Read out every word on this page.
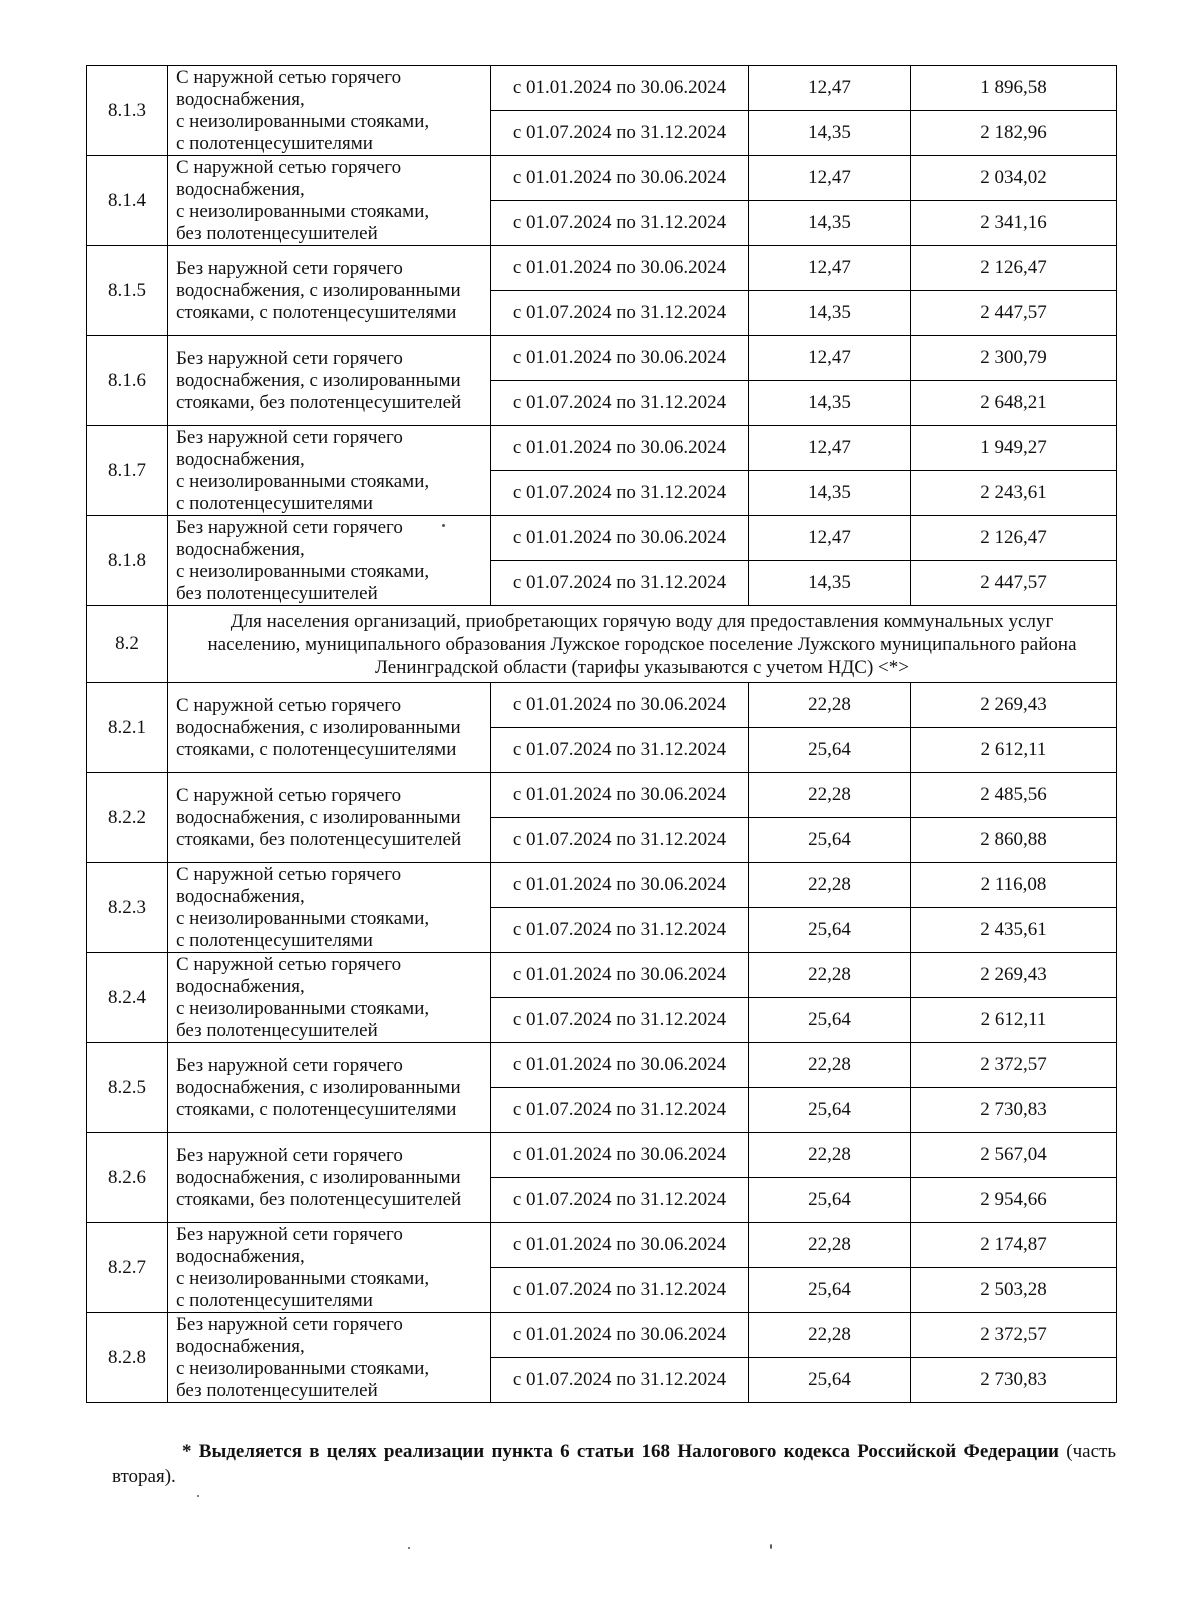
8.1.3	С наружной сетью горячего
водоснабжения,
с неизолированными стояками,
с полотенцесушителями	с 01.01.2024 по 30.06.2024	12,47	1 896,58
		с 01.07.2024 по 31.12.2024	14,35	2 182,96
8.1.4	С наружной сетью горячего
водоснабжения,
с неизолированными стояками,
без полотенцесушителей	с 01.01.2024 по 30.06.2024	12,47	2 034,02
		с 01.07.2024 по 31.12.2024	14,35	2 341,16
8.1.5	Без наружной сети горячего
водоснабжения, с изолированными
стояками, с полотенцесушителями	с 01.01.2024 по 30.06.2024	12,47	2 126,47
		с 01.07.2024 по 31.12.2024	14,35	2 447,57
8.1.6	Без наружной сети горячего
водоснабжения, с изолированными
стояками, без полотенцесушителей	с 01.01.2024 по 30.06.2024	12,47	2 300,79
		с 01.07.2024 по 31.12.2024	14,35	2 648,21
8.1.7	Без наружной сети горячего
водоснабжения,
с неизолированными стояками,
с полотенцесушителями	с 01.01.2024 по 30.06.2024	12,47	1 949,27
		с 01.07.2024 по 31.12.2024	14,35	2 243,61
8.1.8	Без наружной сети горячего
водоснабжения,
с неизолированными стояками,
без полотенцесушителей	с 01.01.2024 по 30.06.2024	12,47	2 126,47
		с 01.07.2024 по 31.12.2024	14,35	2 447,57
8.2	Для населения организаций, приобретающих горячую воду для предоставления коммунальных услуг населению, муниципального образования Лужское городское поселение Лужского муниципального района Ленинградской области (тарифы указываются с учетом НДС) <*>			
8.2.1	С наружной сетью горячего
водоснабжения, с изолированными
стояками, с полотенцесушителями	с 01.01.2024 по 30.06.2024	22,28	2 269,43
		с 01.07.2024 по 31.12.2024	25,64	2 612,11
8.2.2	С наружной сетью горячего
водоснабжения, с изолированными
стояками, без полотенцесушителей	с 01.01.2024 по 30.06.2024	22,28	2 485,56
		с 01.07.2024 по 31.12.2024	25,64	2 860,88
8.2.3	С наружной сетью горячего
водоснабжения,
с неизолированными стояками,
с полотенцесушителями	с 01.01.2024 по 30.06.2024	22,28	2 116,08
		с 01.07.2024 по 31.12.2024	25,64	2 435,61
8.2.4	С наружной сетью горячего
водоснабжения,
с неизолированными стояками,
без полотенцесушителей	с 01.01.2024 по 30.06.2024	22,28	2 269,43
		с 01.07.2024 по 31.12.2024	25,64	2 612,11
8.2.5	Без наружной сети горячего
водоснабжения, с изолированными
стояками, с полотенцесушителями	с 01.01.2024 по 30.06.2024	22,28	2 372,57
		с 01.07.2024 по 31.12.2024	25,64	2 730,83
8.2.6	Без наружной сети горячего
водоснабжения, с изолированными
стояками, без полотенцесушителей	с 01.01.2024 по 30.06.2024	22,28	2 567,04
		с 01.07.2024 по 31.12.2024	25,64	2 954,66
8.2.7	Без наружной сети горячего
водоснабжения,
с неизолированными стояками,
с полотенцесушителями	с 01.01.2024 по 30.06.2024	22,28	2 174,87
		с 01.07.2024 по 31.12.2024	25,64	2 503,28
8.2.8	Без наружной сети горячего
водоснабжения,
с неизолированными стояками,
без полотенцесушителей	с 01.01.2024 по 30.06.2024	22,28	2 372,57
		с 01.07.2024 по 31.12.2024	25,64	2 730,83

* Выделяется в целях реализации пункта 6 статьи 168 Налогового кодекса Российской Федерации (часть вторая).
